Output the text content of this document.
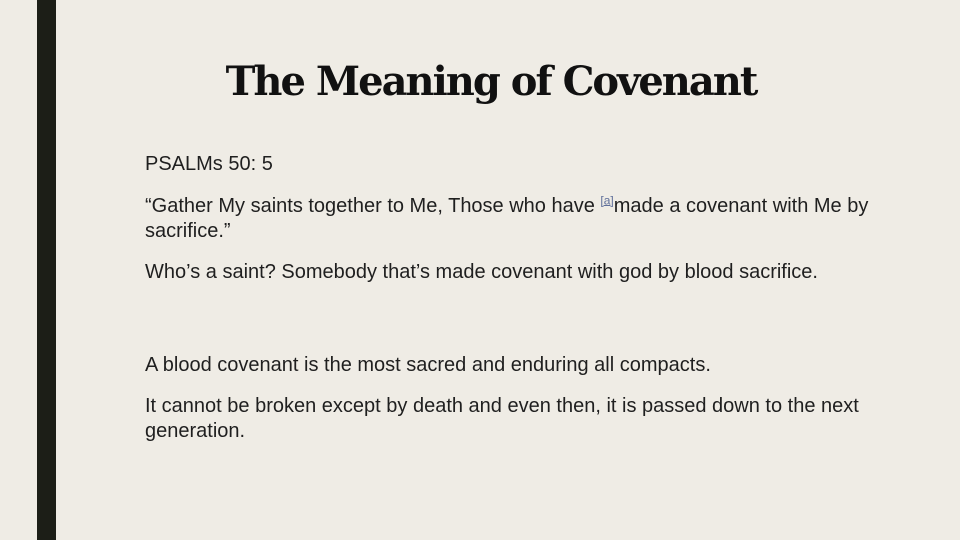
The Meaning of Covenant

PSALMs 50: 5

“Gather My saints together to Me, Those who have [a]made a covenant with Me by sacrifice.”

Who’s a saint? Somebody that’s made covenant with god by blood sacrifice.

A blood covenant is the most sacred and enduring all compacts.

It cannot be broken except by death and even then, it is passed down to the next generation.
